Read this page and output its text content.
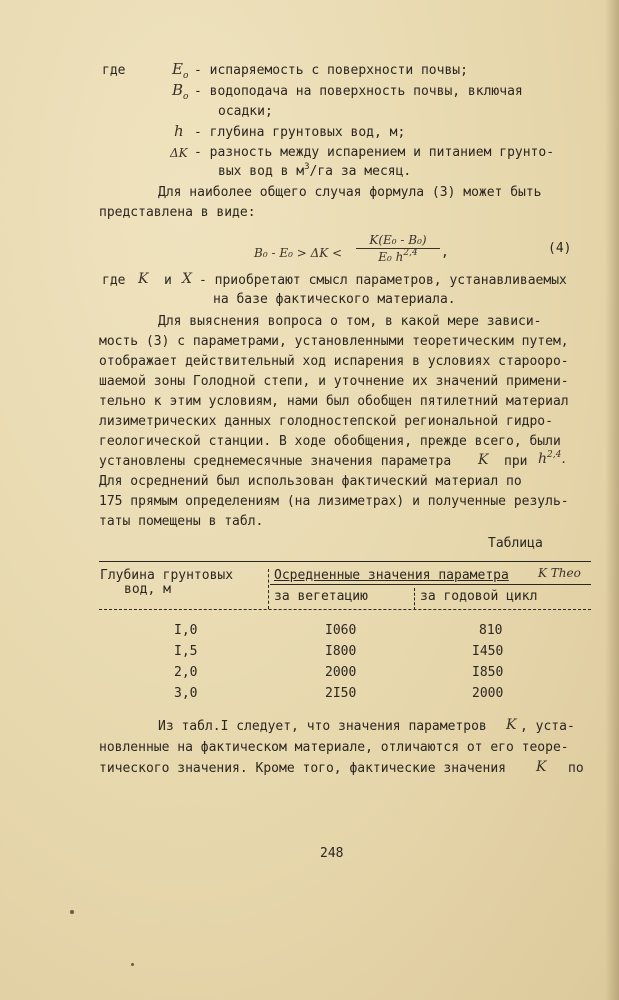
где	$E_o$ - испаряемость с поверхности почвы;
$B_o$ - водоподача на поверхность почвы, включая
осадки;
h - глубина грунтовых вод, м;
ΔK - разность между испарением и питанием грунто-
вых вод в $м^3/га$ за месяц.
Для наиболее общего случая формула (3) может быть
представлена в виде:
B₀ - E₀ > ΔK <
K(E₀ - B₀)
E₀ $h^{2,4}$	,	(4)
где K и X - приобретают смысл параметров, устанавливаемых
на базе фактического материала.
Для выяснения вопроса о том, в какой мере зависи-
мость (3) с параметрами, установленными теоретическим путем,
отображает действительный ход испарения в условиях староoро-
шаемой зоны Голодной степи, и уточнение их значений примени-
тельно к этим условиям, нами был обобщен пятилетний материал
лизиметрических данных голодностепской региональной гидро-
геологической станции. В ходе обобщения, прежде всего, были
установлены среднемесячные значения параметра K при $h^{2,4}$.
Для осреднений был использован фактический материал по
175 прямым определениям (на лизиметрах) и полученные резуль-
таты помещены в табл.
Таблица
Глубина грунтовых
вод, м
Осредненные значения параметра K Theo
за вегетацию	за годовой цикл
I,0	I060	810
I,5	I800	I450
2,0	2000	I850
3,0	2I50	2000
Из табл.I следует, что значения параметров K , уста-
новленные на фактическом материале, отличаются от его теоре-
тического значения. Кроме того, фактические значения K по
248
